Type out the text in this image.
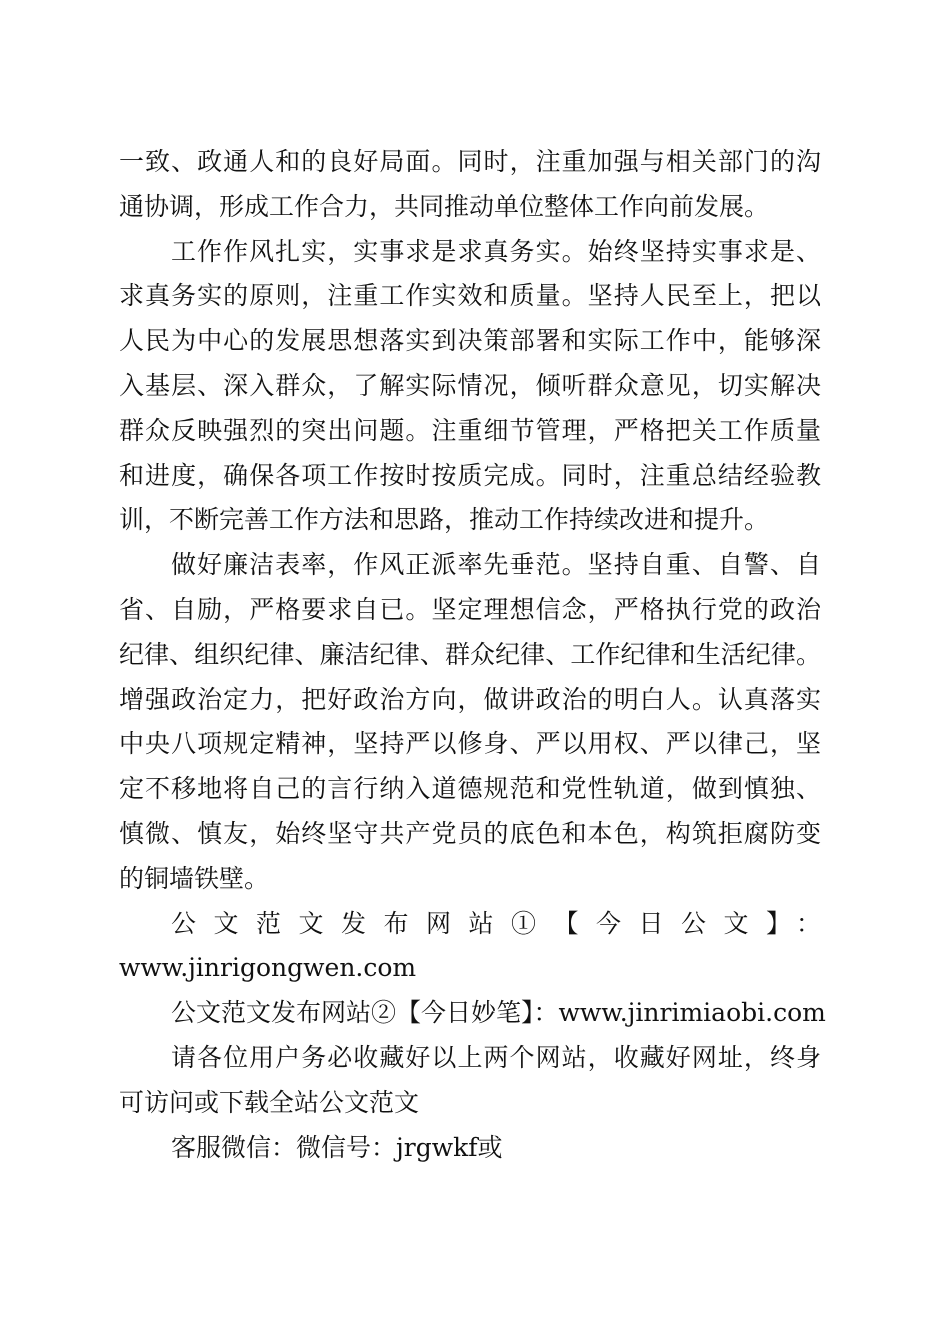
一致、政通人和的良好局面。同时，注重加强与相关部门的沟
通协调，形成工作合力，共同推动单位整体工作向前发展。
工作作风扎实，实事求是求真务实。始终坚持实事求是、
求真务实的原则，注重工作实效和质量。坚持人民至上，把以
人民为中心的发展思想落实到决策部署和实际工作中，能够深
入基层、深入群众，了解实际情况，倾听群众意见，切实解决
群众反映强烈的突出问题。注重细节管理，严格把关工作质量
和进度，确保各项工作按时按质完成。同时，注重总结经验教
训，不断完善工作方法和思路，推动工作持续改进和提升。
做好廉洁表率，作风正派率先垂范。坚持自重、自警、自
省、自励，严格要求自已。坚定理想信念，严格执行党的政治
纪律、组织纪律、廉洁纪律、群众纪律、工作纪律和生活纪律。
增强政治定力，把好政治方向，做讲政治的明白人。认真落实
中央八项规定精神，坚持严以修身、严以用权、严以律己，坚
定不移地将自己的言行纳入道德规范和党性轨道，做到慎独、
慎微、慎友，始终坚守共产党员的底色和本色，构筑拒腐防变
的铜墙铁壁。
公文范文发布网站①【今日公文】：
www.jinrigongwen.com
公文范文发布网站②【今日妙笔】：www.jinrimiaobi.com
请各位用户务必收藏好以上两个网站，收藏好网址，终身
可访问或下载全站公文范文
客服微信：微信号：jrgwkf或
